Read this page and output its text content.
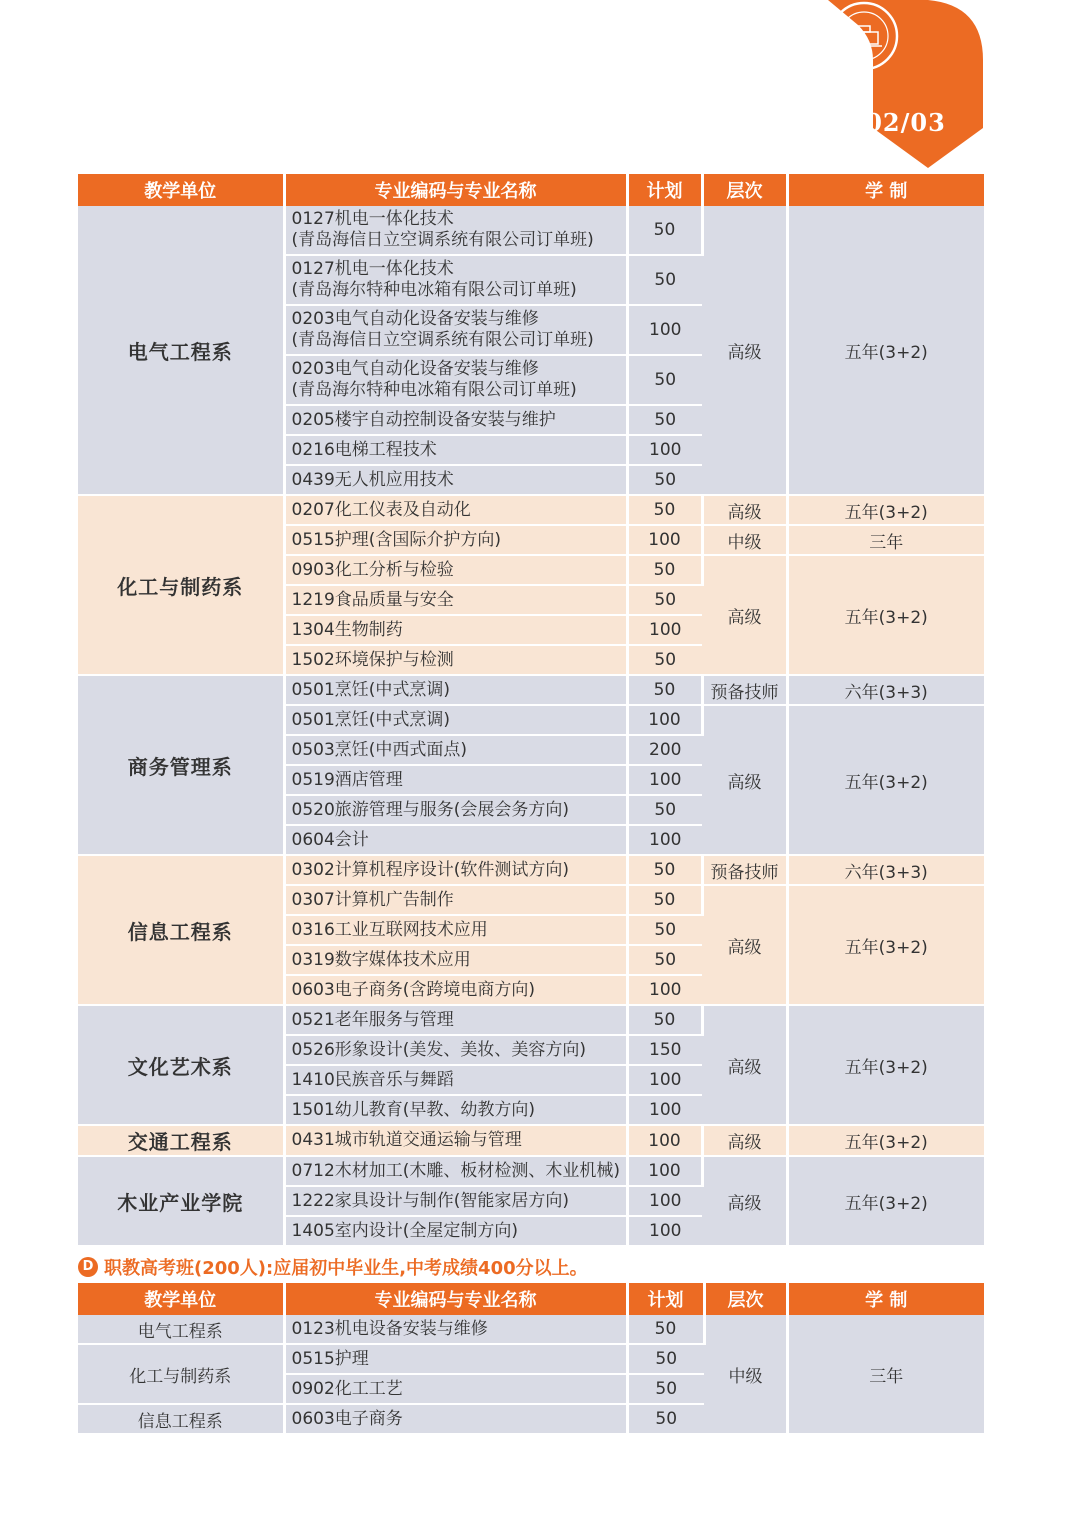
02/03
教学单位	专业编码与专业名称	计划	层次	学 制
电气工程系	0127机电一体化技术
(青岛海信日立空调系统有限公司订单班)	50	高级	五年(3+2)
	0127机电一体化技术
(青岛海尔特种电冰箱有限公司订单班)	50		
	0203电气自动化设备安装与维修
(青岛海信日立空调系统有限公司订单班)	100		
	0203电气自动化设备安装与维修
(青岛海尔特种电冰箱有限公司订单班)	50		
	0205楼宇自动控制设备安装与维护	50		
	0216电梯工程技术	100		
	0439无人机应用技术	50		
化工与制药系	0207化工仪表及自动化	50	高级	五年(3+2)
	0515护理(含国际介护方向)	100	中级	三年
	0903化工分析与检验	50	高级	五年(3+2)
	1219食品质量与安全	50		
	1304生物制药	100		
	1502环境保护与检测	50		
商务管理系	0501烹饪(中式烹调)	50	预备技师	六年(3+3)
	0501烹饪(中式烹调)	100	高级	五年(3+2)
	0503烹饪(中西式面点)	200		
	0519酒店管理	100		
	0520旅游管理与服务(会展会务方向)	50		
	0604会计	100		
信息工程系	0302计算机程序设计(软件测试方向)	50	预备技师	六年(3+3)
	0307计算机广告制作	50	高级	五年(3+2)
	0316工业互联网技术应用	50		
	0319数字媒体技术应用	50		
	0603电子商务(含跨境电商方向)	100		
文化艺术系	0521老年服务与管理	50	高级	五年(3+2)
	0526形象设计(美发、美妆、美容方向)	150		
	1410民族音乐与舞蹈	100		
	1501幼儿教育(早教、幼教方向)	100		
交通工程系	0431城市轨道交通运输与管理	100	高级	五年(3+2)
木业产业学院	0712木材加工(木雕、板材检测、木业机械)	100	高级	五年(3+2)
	1222家具设计与制作(智能家居方向)	100		
	1405室内设计(全屋定制方向)	100		
D 职教高考班(200人):应届初中毕业生,中考成绩400分以上。
教学单位	专业编码与专业名称	计划	层次	学 制
电气工程系	0123机电设备安装与维修	50	中级	三年
化工与制药系	0515护理	50		
	0902化工工艺	50		
信息工程系	0603电子商务	50		
